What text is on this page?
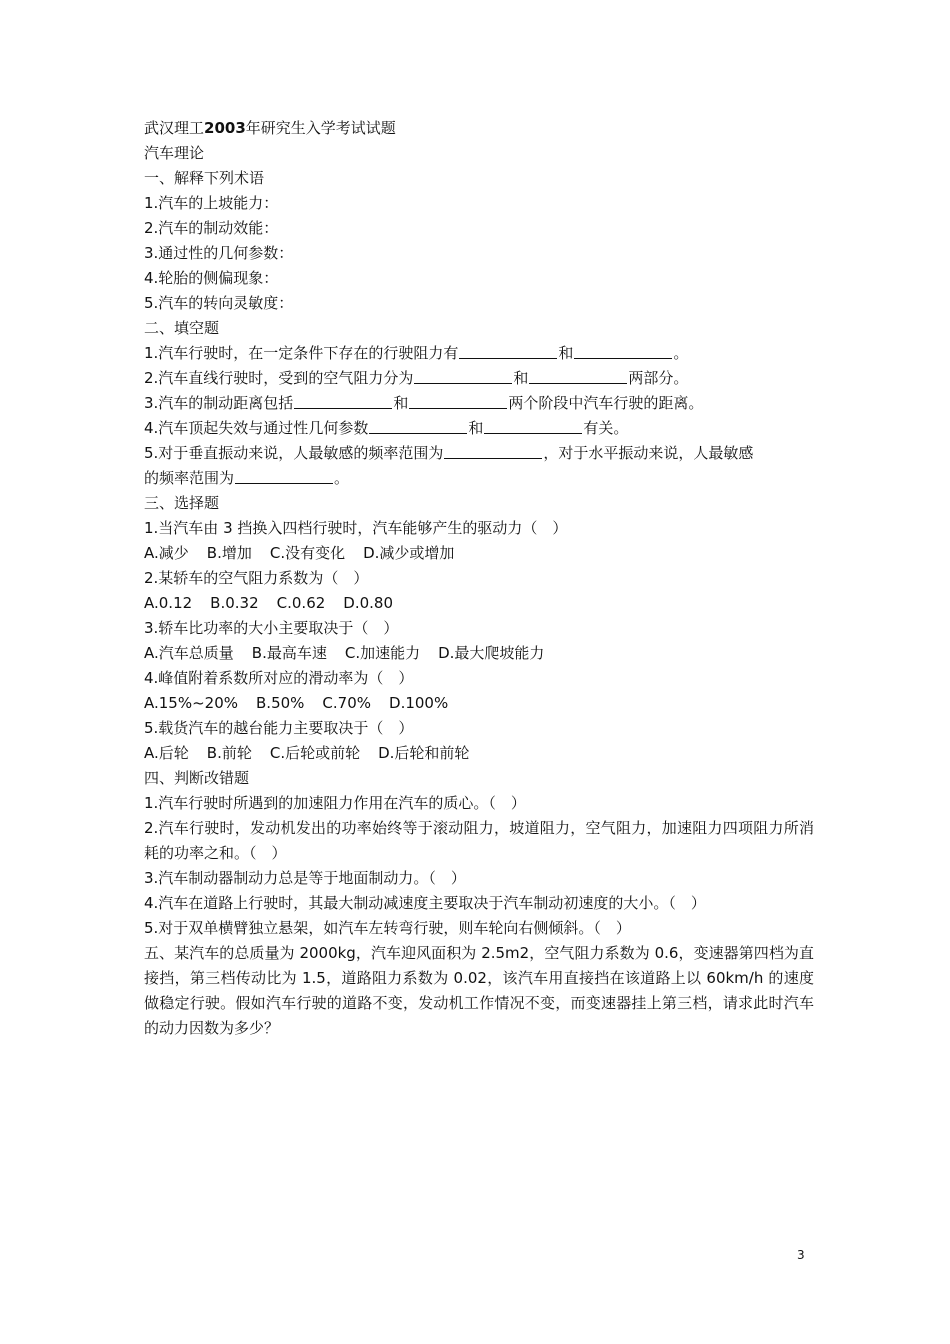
武汉理工2003年研究生入学考试试题
汽车理论
一、解释下列术语
1.汽车的上坡能力：
2.汽车的制动效能：
3.通过性的几何参数：
4.轮胎的侧偏现象：
5.汽车的转向灵敏度：
二、填空题
1.汽车行驶时，在一定条件下存在的行驶阻力有	和	。
2.汽车直线行驶时，受到的空气阻力分为	和	两部分。
3.汽车的制动距离包括	和	两个阶段中汽车行驶的距离。
4.汽车顶起失效与通过性几何参数	和	有关。
5.对于垂直振动来说，人最敏感的频率范围为	，对于水平振动来说，人最敏感
的频率范围为	。
三、选择题
1.当汽车由 3 挡换入四档行驶时，汽车能够产生的驱动力（　）
A.减少 B.增加 C.没有变化 D.减少或增加
2.某轿车的空气阻力系数为（　）
A.0.12 B.0.32 C.0.62 D.0.80
3.轿车比功率的大小主要取决于（　）
A.汽车总质量 B.最高车速 C.加速能力 D.最大爬坡能力
4.峰值附着系数所对应的滑动率为（　）
A.15%~20% B.50% C.70% D.100%
5.载货汽车的越台能力主要取决于（　）
A.后轮 B.前轮 C.后轮或前轮 D.后轮和前轮
四、判断改错题
1.汽车行驶时所遇到的加速阻力作用在汽车的质心。（　）
2.汽车行驶时，发动机发出的功率始终等于滚动阻力，坡道阻力，空气阻力，加速阻力四项阻力所消耗的功率之和。（　）
3.汽车制动器制动力总是等于地面制动力。（　）
4.汽车在道路上行驶时，其最大制动减速度主要取决于汽车制动初速度的大小。（　）
5.对于双单横臂独立悬架，如汽车左转弯行驶，则车轮向右侧倾斜。（　）
五、某汽车的总质量为 2000kg，汽车迎风面积为 2.5m2，空气阻力系数为 0.6，变速器第四档为直接挡，第三档传动比为 1.5，道路阻力系数为 0.02，该汽车用直接挡在该道路上以 60km/h 的速度做稳定行驶。假如汽车行驶的道路不变，发动机工作情况不变，而变速器挂上第三档，请求此时汽车的动力因数为多少？
3
